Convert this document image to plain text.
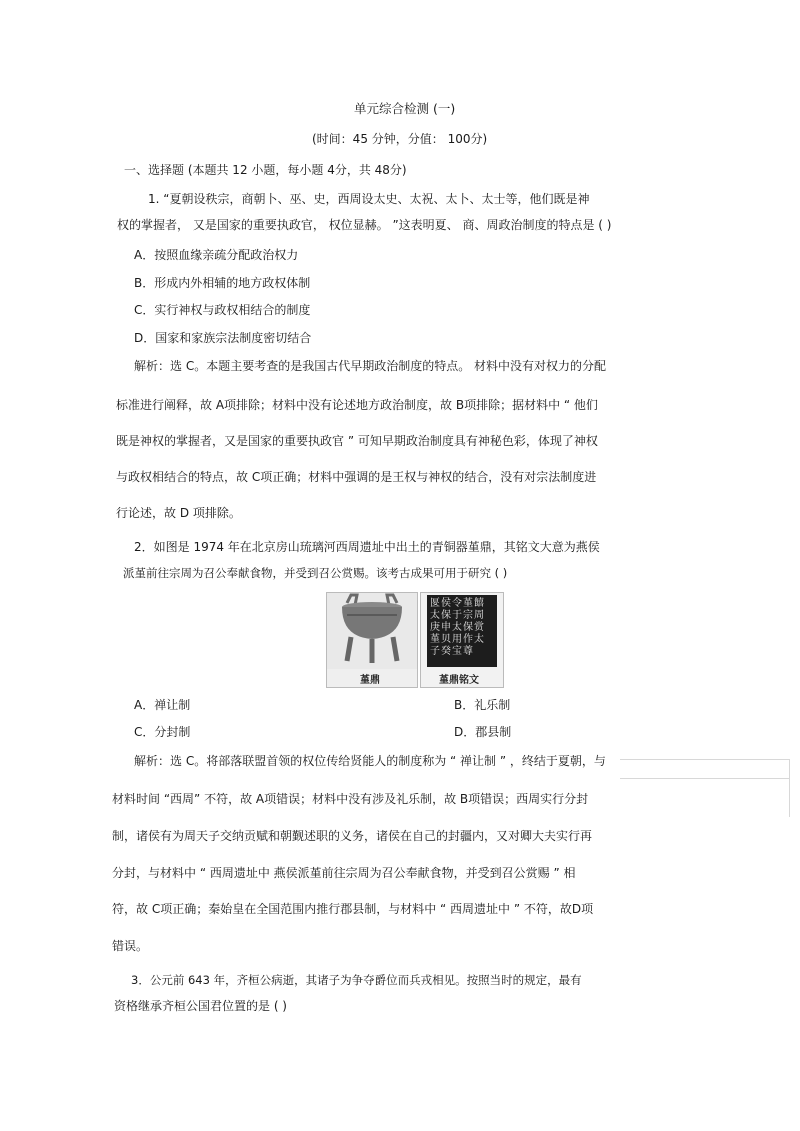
单元综合检测 (一)
(时间：45 分钟，分值： 100分)
一、选择题 (本题共 12 小题，每小题 4分，共 48分)
1. “夏朝设秩宗，商朝卜、巫、史，西周设太史、太祝、太卜、太士等，他们既是神
权的掌握者， 又是国家的重要执政官， 权位显赫。 ”这表明夏、 商、周政治制度的特点是 ( )
A．按照血缘亲疏分配政治权力
B．形成内外相辅的地方政权体制
C．实行神权与政权相结合的制度
D．国家和家族宗法制度密切结合
解析：选 C。本题主要考查的是我国古代早期政治制度的特点。 材料中没有对权力的分配
标准进行阐释，故 A项排除；材料中没有论述地方政治制度，故 B项排除；据材料中 “ 他们
既是神权的掌握者，又是国家的重要执政官 ” 可知早期政治制度具有神秘色彩，体现了神权
与政权相结合的特点，故 C项正确；材料中强调的是王权与神权的结合，没有对宗法制度进
行论述，故 D 项排除。
2．如图是 1974 年在北京房山琉璃河西周遗址中出土的青铜器堇鼎，其铭文大意为燕侯
派堇前往宗周为召公奉献食物，并受到召公赏赐。该考古成果可用于研究 ( )
堇鼎
匽侯令堇饎太保于宗周庚申太保赏堇贝用作太子癸宝尊
堇鼎铭文
A．禅让制	B．礼乐制
C．分封制	D．郡县制
解析：选 C。将部落联盟首领的权位传给贤能人的制度称为 “ 禅让制 ” ，终结于夏朝，与
材料时间 “西周” 不符，故 A项错误；材料中没有涉及礼乐制，故 B项错误；西周实行分封
制，诸侯有为周天子交纳贡赋和朝觐述职的义务，诸侯在自己的封疆内，又对卿大夫实行再
分封，与材料中 “ 西周遗址中 燕侯派堇前往宗周为召公奉献食物，并受到召公赏赐 ” 相
符，故 C项正确；秦始皇在全国范围内推行郡县制，与材料中 “ 西周遗址中 ” 不符，故D项
错误。
3．公元前 643 年，齐桓公病逝，其诸子为争夺爵位而兵戎相见。按照当时的规定，最有
资格继承齐桓公国君位置的是 ( )
